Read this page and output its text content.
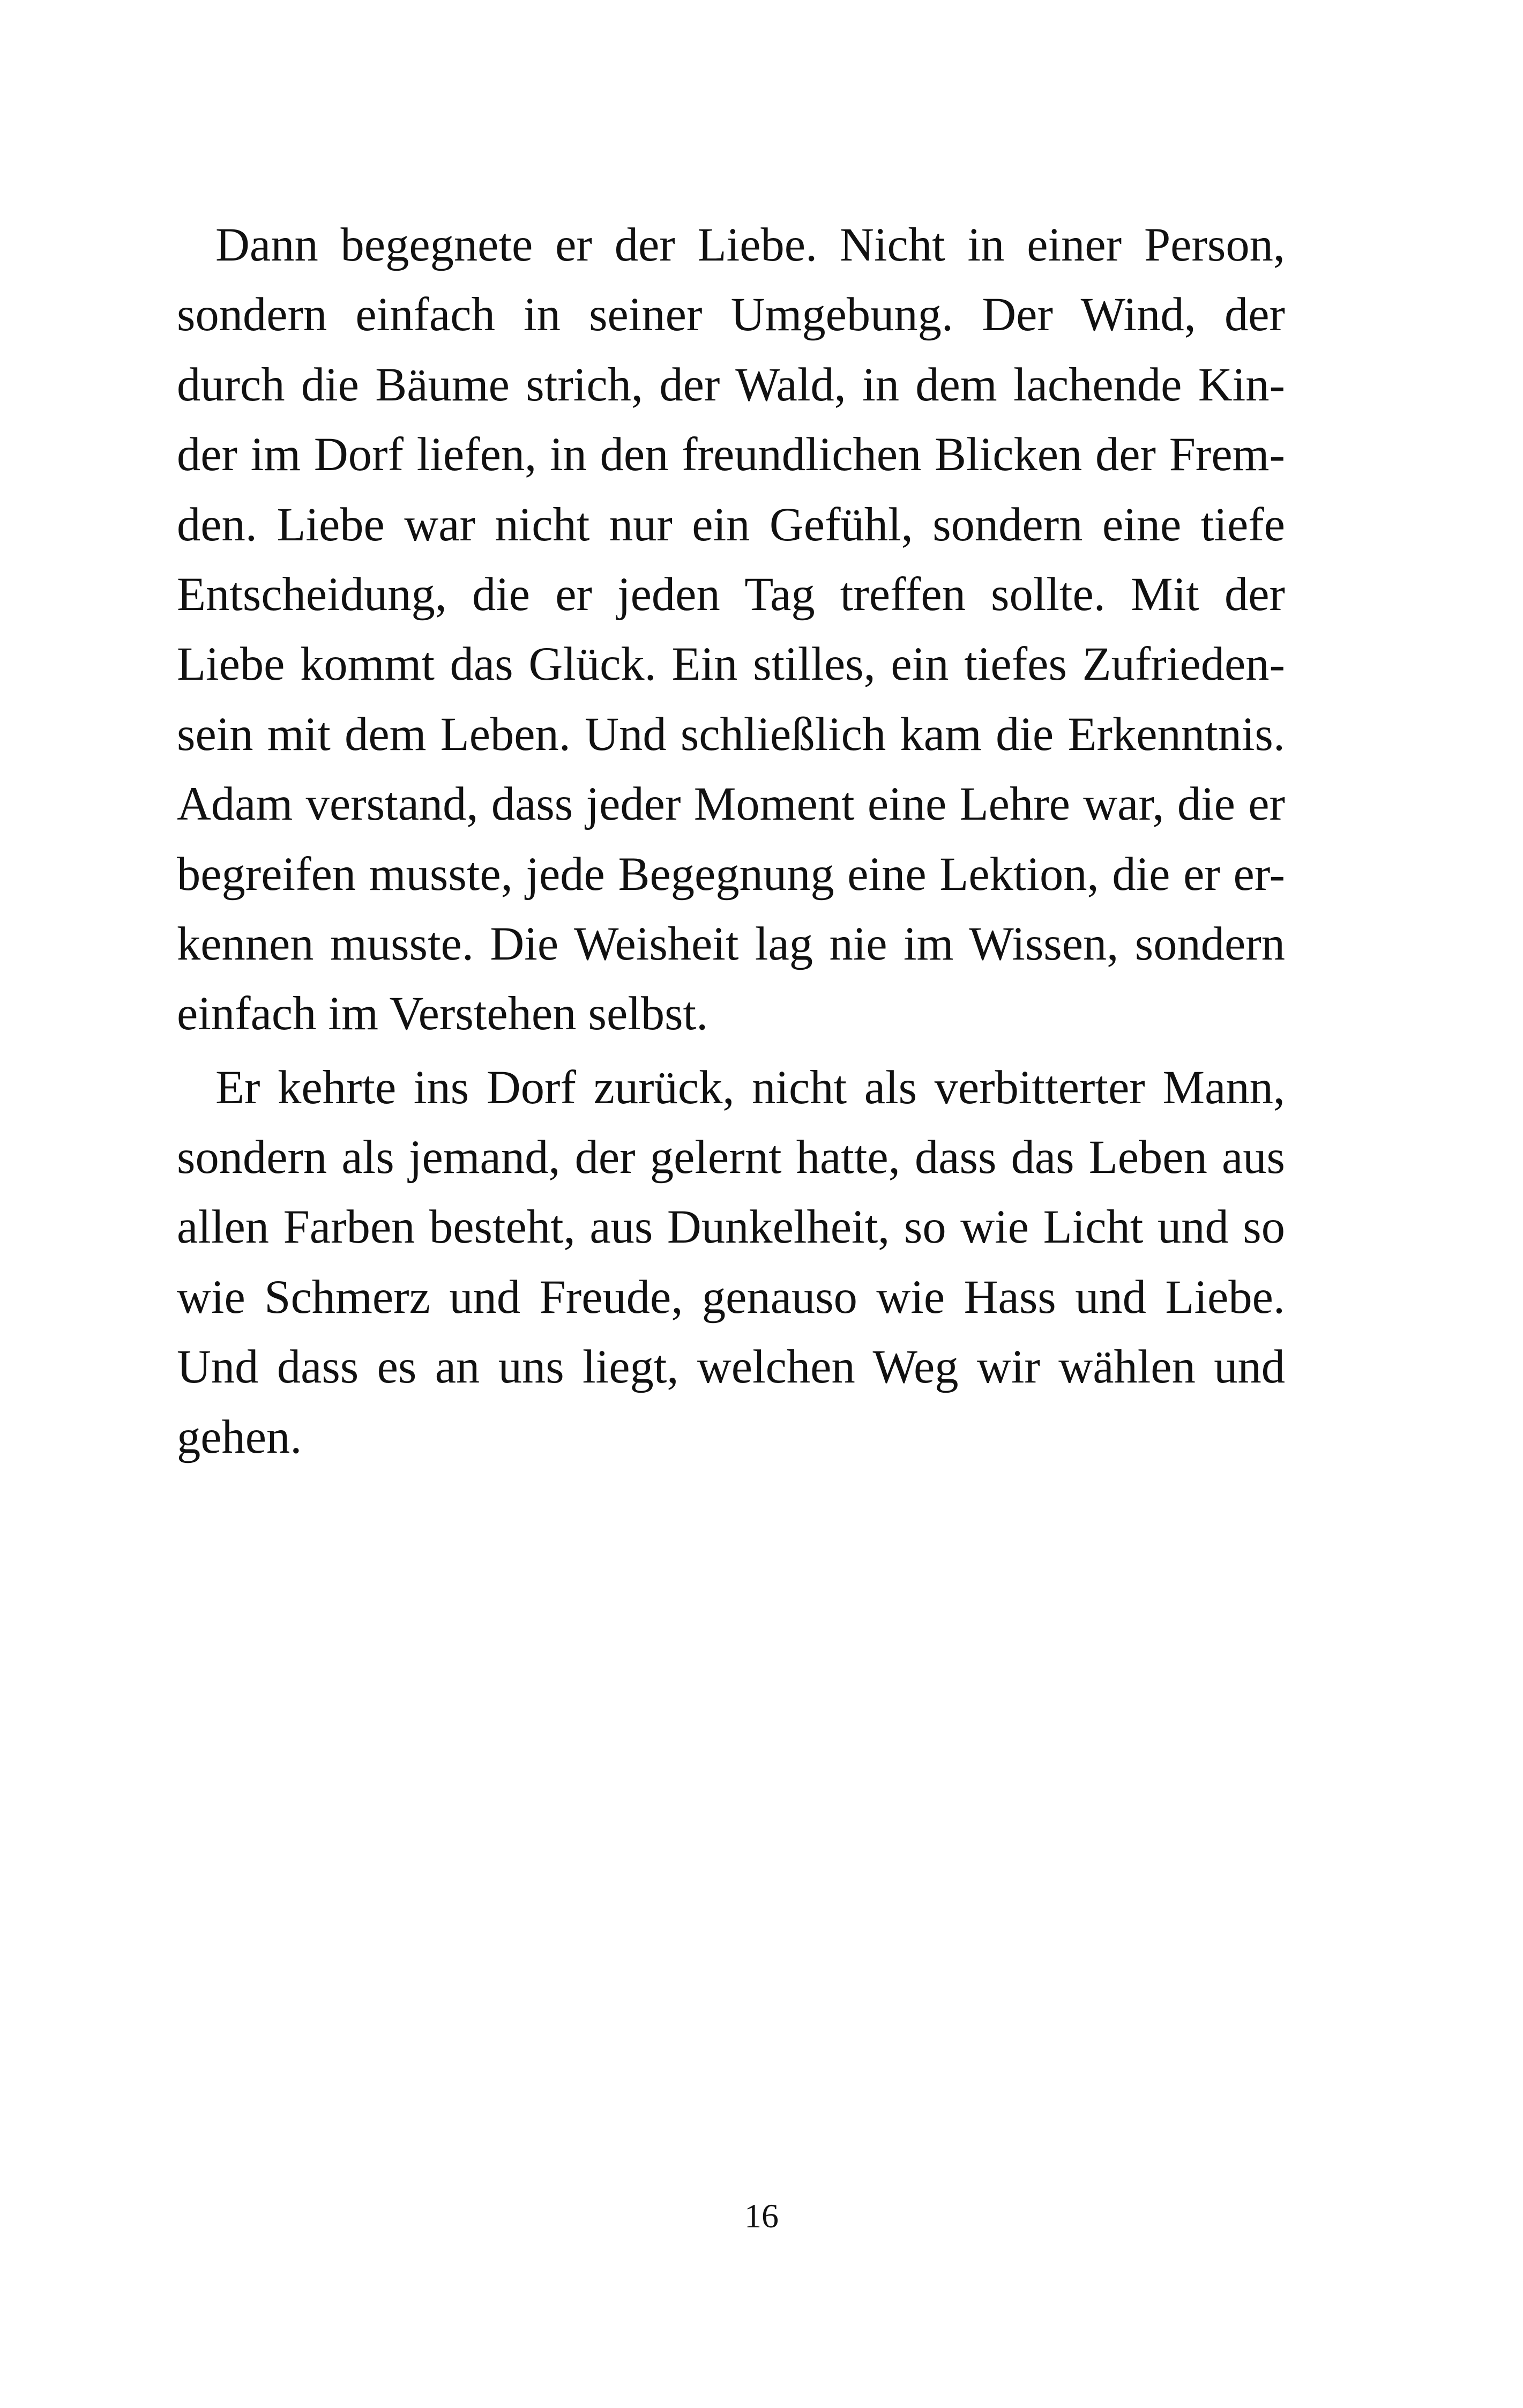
Dann begegnete er der Liebe. Nicht in einer Person,
sondern einfach in seiner Umgebung. Der Wind, der
durch die Bäume strich, der Wald, in dem lachende Kin-
der im Dorf liefen, in den freundlichen Blicken der Frem-
den. Liebe war nicht nur ein Gefühl, sondern eine tiefe
Entscheidung, die er jeden Tag treffen sollte. Mit der
Liebe kommt das Glück. Ein stilles, ein tiefes Zufrieden-
sein mit dem Leben. Und schließlich kam die Erkenntnis.
Adam verstand, dass jeder Moment eine Lehre war, die er
begreifen musste, jede Begegnung eine Lektion, die er er-
kennen musste. Die Weisheit lag nie im Wissen, sondern
einfach im Verstehen selbst.
Er kehrte ins Dorf zurück, nicht als verbitterter Mann,
sondern als jemand, der gelernt hatte, dass das Leben aus
allen Farben besteht, aus Dunkelheit, so wie Licht und so
wie Schmerz und Freude, genauso wie Hass und Liebe.
Und dass es an uns liegt, welchen Weg wir wählen und
gehen.
16
